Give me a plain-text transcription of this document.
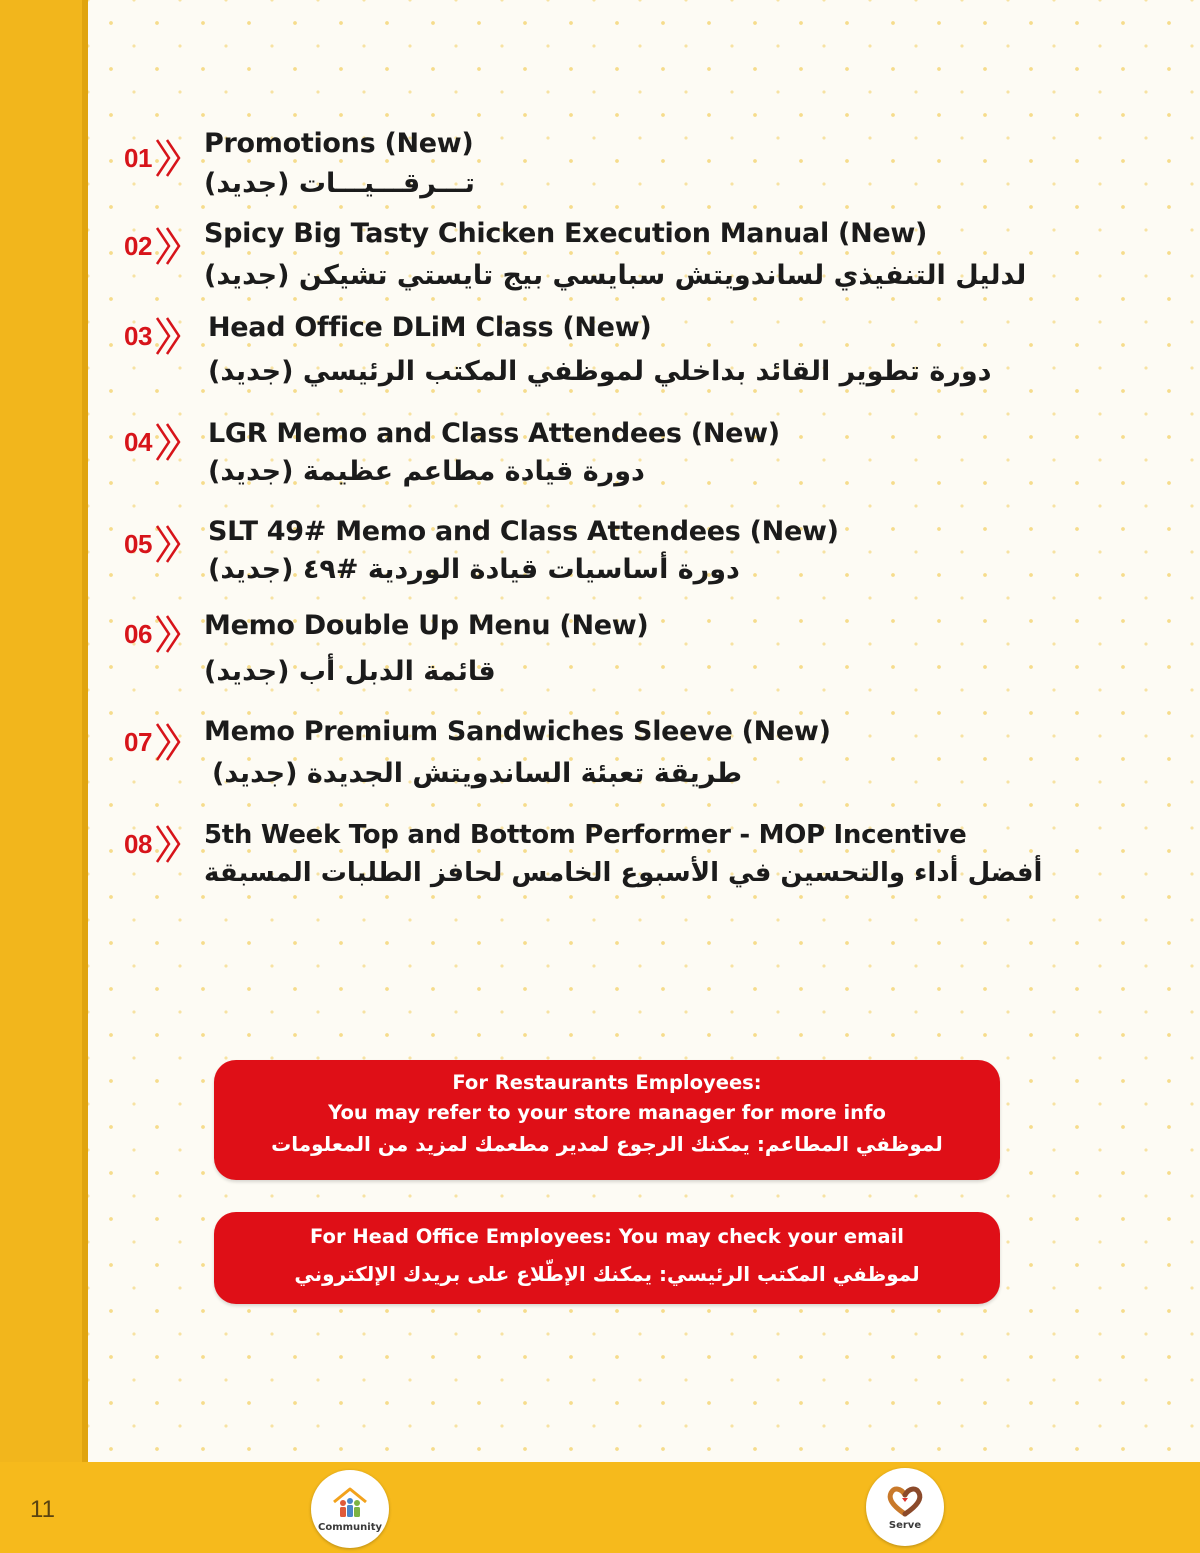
01 Promotions (New)
تـــرقـــيـــات (جديد)
02 Spicy Big Tasty Chicken Execution Manual (New)
لدليل التنفيذي لساندويتش سبايسي بيج تايستي تشيكن (جديد)
03 Head Office DLiM Class (New)
دورة تطوير القائد بداخلي لموظفي المكتب الرئيسي (جديد)
04 LGR Memo and Class Attendees (New)
دورة قيادة مطاعم عظيمة (جديد)
05 SLT 49# Memo and Class Attendees (New)
دورة أساسيات قيادة الوردية #٤٩ (جديد)
06 Memo Double Up Menu (New)
قائمة الدبل أب (جديد)
07 Memo Premium Sandwiches Sleeve (New)
طريقة تعبئة الساندويتش الجديدة (جديد)
08 5th Week Top and Bottom Performer - MOP Incentive
أفضل أداء والتحسين في الأسبوع الخامس لحافز الطلبات المسبقة
For Restaurants Employees:
You may refer to your store manager for more info
لموظفي المطاعم: يمكنك الرجوع لمدير مطعمك لمزيد من المعلومات
For Head Office Employees: You may check your email
لموظفي المكتب الرئيسي: يمكنك الإطّلاع على بريدك الإلكتروني
11
Community	Serve
